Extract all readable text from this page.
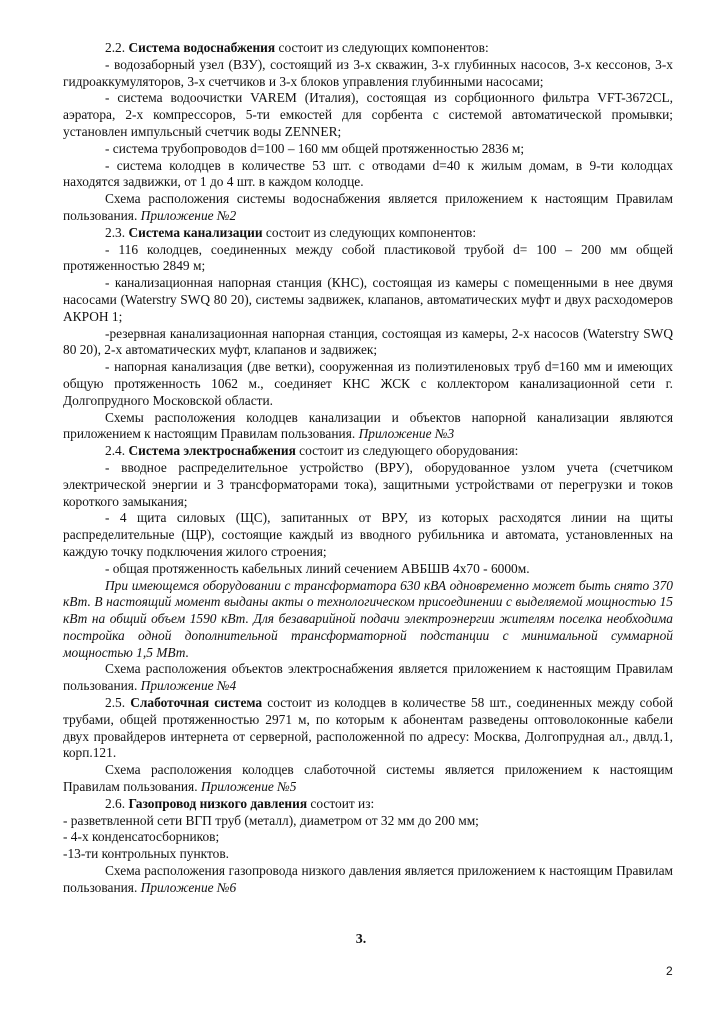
2.2. Система водоснабжения состоит из следующих компонентов:

- водозаборный узел (ВЗУ), состоящий из 3-х скважин, 3-х глубинных насосов, 3-х кессонов, 3-х гидроаккумуляторов, 3-х счетчиков и 3-х блоков управления глубинными насосами;

- система водоочистки VAREM (Италия), состоящая из сорбционного фильтра VFT-3672CL, аэратора, 2-х компрессоров, 5-ти емкостей для сорбента с системой автоматической промывки; установлен импульсный счетчик воды ZENNER;

- система трубопроводов d=100 – 160 мм общей протяженностью 2836 м;

- система колодцев в количестве 53 шт. с отводами d=40 к жилым домам, в 9-ти колодцах находятся задвижки, от 1 до 4 шт. в каждом колодце.

Схема расположения системы водоснабжения является приложением к настоящим Правилам пользования. Приложение №2

2.3. Система канализации состоит из следующих компонентов:

- 116 колодцев, соединенных между собой пластиковой трубой d= 100 – 200 мм общей протяженностью 2849 м;

- канализационная напорная станция (КНС), состоящая из камеры с помещенными в нее двумя насосами (Waterstry SWQ 80 20), системы задвижек, клапанов, автоматических муфт и двух расходомеров АКРОН 1;

-резервная канализационная напорная станция, состоящая из камеры, 2-х насосов (Waterstry SWQ 80 20), 2-х автоматических муфт, клапанов и задвижек;

- напорная канализация (две ветки), сооруженная из полиэтиленовых труб d=160 мм и имеющих общую протяженность 1062 м., соединяет КНС ЖСК с коллектором канализационной сети г. Долгопрудного Московской области.

Схемы расположения колодцев канализации и объектов напорной канализации являются приложением к настоящим Правилам пользования. Приложение №3

2.4. Система электроснабжения состоит из следующего оборудования:

- вводное распределительное устройство (ВРУ), оборудованное узлом учета (счетчиком электрической энергии и 3 трансформаторами тока), защитными устройствами от перегрузки и токов короткого замыкания;

- 4 щита силовых (ЩС), запитанных от ВРУ, из которых расходятся линии на щиты распределительные (ЩР), состоящие каждый из вводного рубильника и автомата, установленных на каждую точку подключения жилого строения;

- общая протяженность кабельных линий сечением АВБШВ 4х70 - 6000м.

При имеющемся оборудовании с трансформатора 630 кВА одновременно может быть снято 370 кВт. В настоящий момент выданы акты о технологическом присоединении с выделяемой мощностью 15 кВт на общий объем 1590 кВт. Для безаварийной подачи электроэнергии жителям поселка необходима постройка одной дополнительной трансформаторной подстанции с минимальной суммарной мощностью 1,5 МВт.

Схема расположения объектов электроснабжения является приложением к настоящим Правилам пользования. Приложение №4

2.5. Слаботочная система состоит из колодцев в количестве 58 шт., соединенных между собой трубами, общей протяженностью 2971 м, по которым к абонентам разведены оптоволоконные кабели двух провайдеров интернета от серверной, расположенной по адресу: Москва, Долгопрудная ал., двлд.1, корп.121.

Схема расположения колодцев слаботочной системы является приложением к настоящим Правилам пользования. Приложение №5

2.6. Газопровод низкого давления состоит из:

- разветвленной сети ВГП труб (металл), диаметром от 32 мм до 200 мм;

- 4-х конденсатосборников;

-13-ти контрольных пунктов.

Схема расположения газопровода низкого давления является приложением к настоящим Правилам пользования. Приложение №6

3.
2
